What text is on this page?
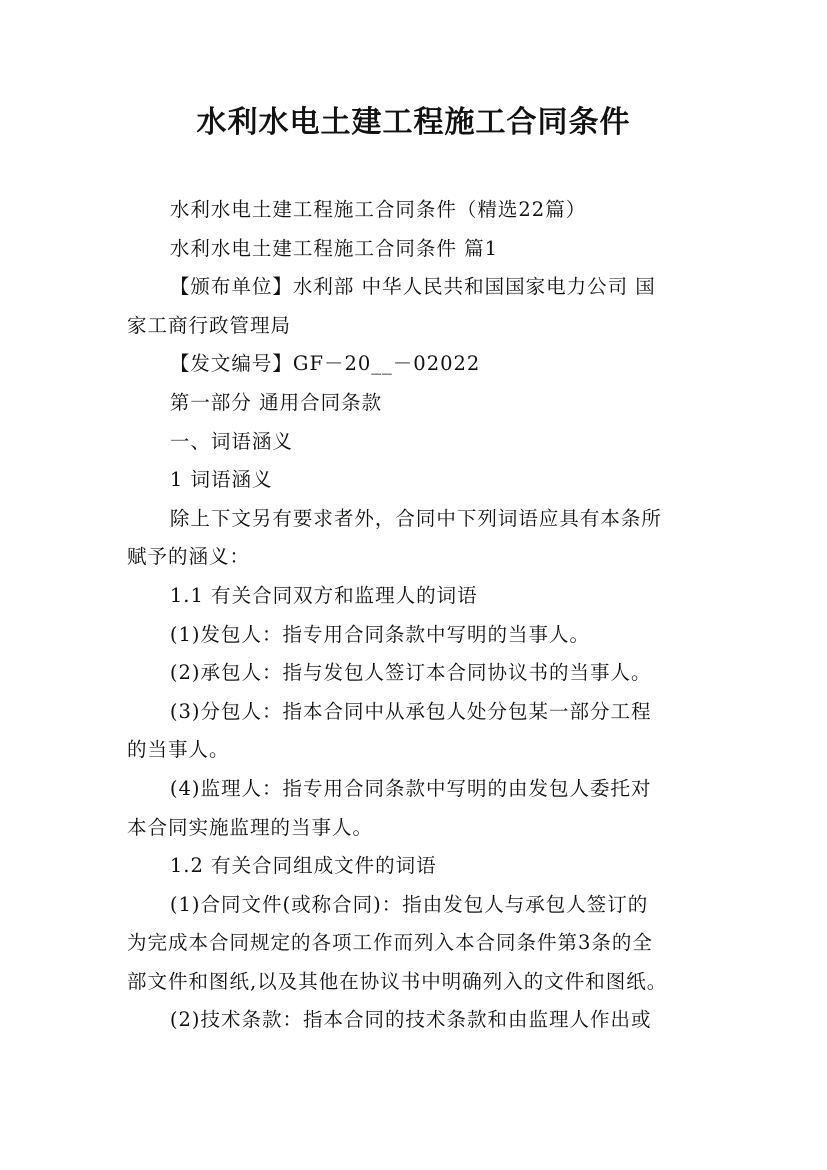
水利水电土建工程施工合同条件

水利水电土建工程施工合同条件（精选22篇）

水利水电土建工程施工合同条件 篇1

【颁布单位】水利部 中华人民共和国国家电力公司 国
家工商行政管理局

【发文编号】GF－20__－02022

第一部分 通用合同条款

一、词语涵义

1 词语涵义

除上下文另有要求者外，合同中下列词语应具有本条所
赋予的涵义：

1.1 有关合同双方和监理人的词语

(1)发包人：指专用合同条款中写明的当事人。

(2)承包人：指与发包人签订本合同协议书的当事人。

(3)分包人：指本合同中从承包人处分包某一部分工程
的当事人。

(4)监理人：指专用合同条款中写明的由发包人委托对
本合同实施监理的当事人。

1.2 有关合同组成文件的词语

(1)合同文件(或称合同)：指由发包人与承包人签订的
为完成本合同规定的各项工作而列入本合同条件第3条的全
部文件和图纸,以及其他在协议书中明确列入的文件和图纸。

(2)技术条款：指本合同的技术条款和由监理人作出或
